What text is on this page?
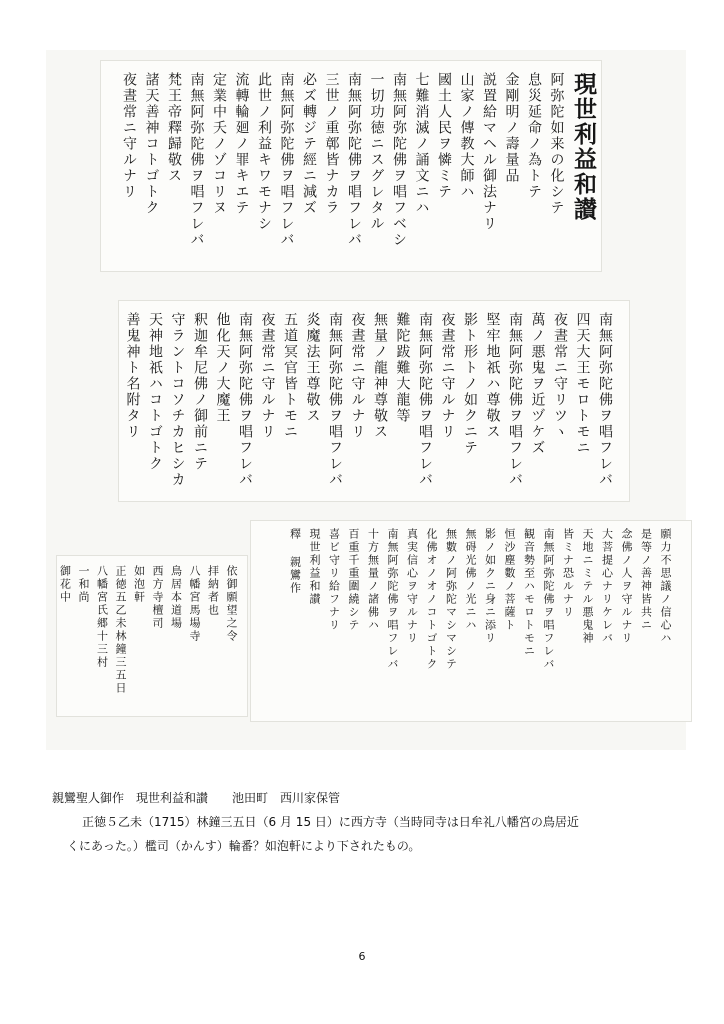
現世利益和讃
阿弥陀如来の化シテ
息災延命ノ為トテ
金剛明ノ壽量品
説置給マヘル御法ナリ
山家ノ傳教大師ハ
國土人民ヲ憐ミテ
七難消滅ノ誦文ニハ
南無阿弥陀佛ヲ唱フベシ
一切功徳ニスグレタル
南無阿弥陀佛ヲ唱フレバ
三世ノ重鄣皆ナカラ
必ズ轉ジテ經ニ減ズ
南無阿弥陀佛ヲ唱フレバ
此世ノ利益キワモナシ
流轉輪廻ノ罪キエテ
定業中夭ノゾコリヌ
南無阿弥陀佛ヲ唱フレバ
梵王帝釋歸敬ス
諸天善神コトゴトク
夜晝常ニ守ルナリ
南無阿弥陀佛ヲ唱フレバ
四天大王モロトモニ
夜晝常ニ守リツヽ
萬ノ悪鬼ヲ近ヅケズ
南無阿弥陀佛ヲ唱フレバ
堅牢地祇ハ尊敬ス
影ト形トノ如クニテ
夜晝常ニ守ルナリ
南無阿弥陀佛ヲ唱フレバ
難陀跋難大龍等
無量ノ龍神尊敬ス
夜晝常ニ守ルナリ
南無阿弥陀佛ヲ唱フレバ
炎魔法王尊敬ス
五道冥官皆トモニ
夜晝常ニ守ルナリ
南無阿弥陀佛ヲ唱フレバ
他化天ノ大魔王
釈迦牟尼佛ノ御前ニテ
守ラントコソチカヒシカ
天神地祇ハコトゴトク
善鬼神ト名附タリ
願力不思議ノ信心ハ
是等ノ善神皆共ニ
念佛ノ人ヲ守ルナリ
大菩提心ナリケレバ
天地ニミテル悪鬼神
皆ミナ恐ルナリ
南無阿弥陀佛ヲ唱フレバ
観音勢至ハモロトモニ
恒沙塵數ノ菩薩ト
影ノ如クニ身ニ添リ
無碍光佛ノ光ニハ
無數ノ阿弥陀マシマシテ
化佛オノオノコトゴトク
真実信心ヲ守ルナリ
南無阿弥陀佛ヲ唱フレバ
十方無量ノ諸佛ハ
百重千重圍繞シテ
喜ビ守リ給フナリ
現世利益和讃
釋 親鸞作
依御願望之令
拝納者也
八幡宮馬場寺
鳥居本道場
西方寺檀司
如泡軒
正徳五乙未林鐘三五日
八幡宮氏郷十三村
一和尚
御花中
親鸞聖人御作　現世利益和讃　　池田町　西川家保管
正徳５乙未（1715）林鐘三五日（6 月 15 日）に西方寺（当時同寺は日牟礼八幡宮の鳥居近
くにあった。）檻司（かんす）輪番？如泡軒により下されたもの。
6
